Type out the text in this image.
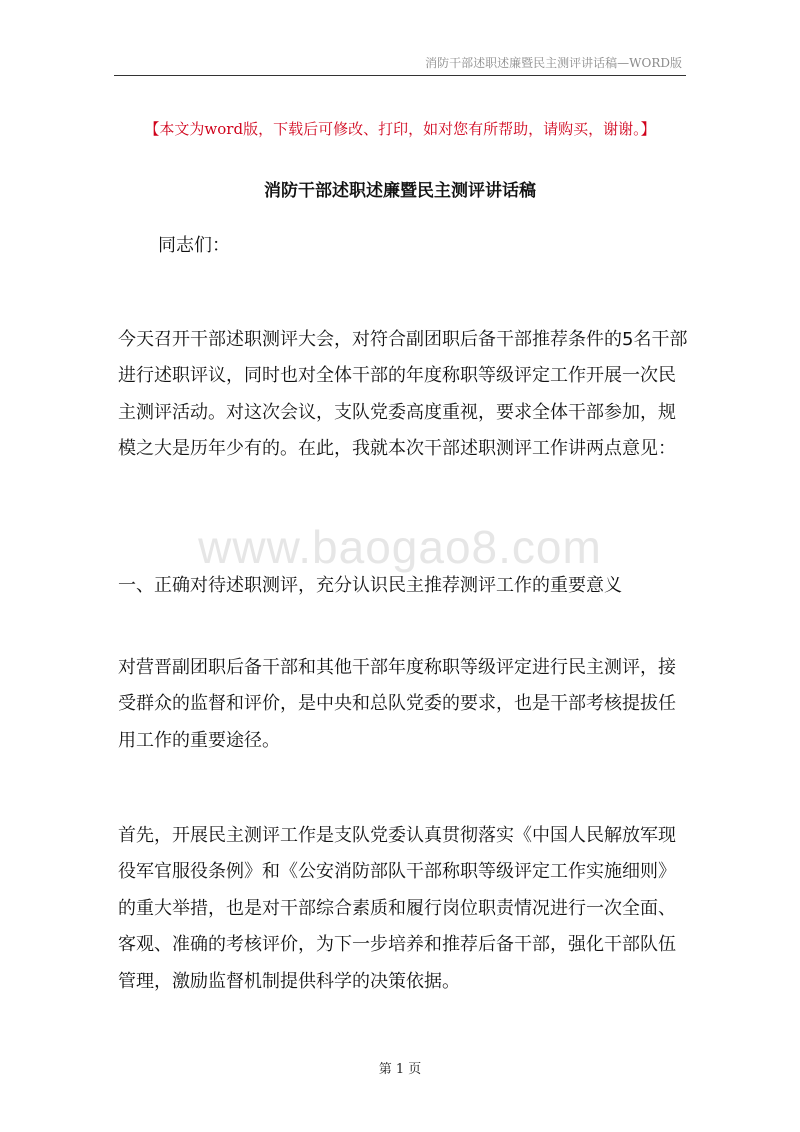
消防干部述职述廉暨民主测评讲话稿—WORD版
【本文为word版，下载后可修改、打印，如对您有所帮助，请购买，谢谢。】
消防干部述职述廉暨民主测评讲话稿
www.baogao8.com
同志们：
今天召开干部述职测评大会，对符合副团职后备干部推荐条件的5名干部进行述职评议，同时也对全体干部的年度称职等级评定工作开展一次民主测评活动。对这次会议，支队党委高度重视，要求全体干部参加，规模之大是历年少有的。在此，我就本次干部述职测评工作讲两点意见：
一、正确对待述职测评，充分认识民主推荐测评工作的重要意义
对营晋副团职后备干部和其他干部年度称职等级评定进行民主测评，接受群众的监督和评价，是中央和总队党委的要求，也是干部考核提拔任用工作的重要途径。
首先，开展民主测评工作是支队党委认真贯彻落实《中国人民解放军现役军官服役条例》和《公安消防部队干部称职等级评定工作实施细则》的重大举措，也是对干部综合素质和履行岗位职责情况进行一次全面、客观、准确的考核评价，为下一步培养和推荐后备干部，强化干部队伍管理，激励监督机制提供科学的决策依据。
第 1 页
